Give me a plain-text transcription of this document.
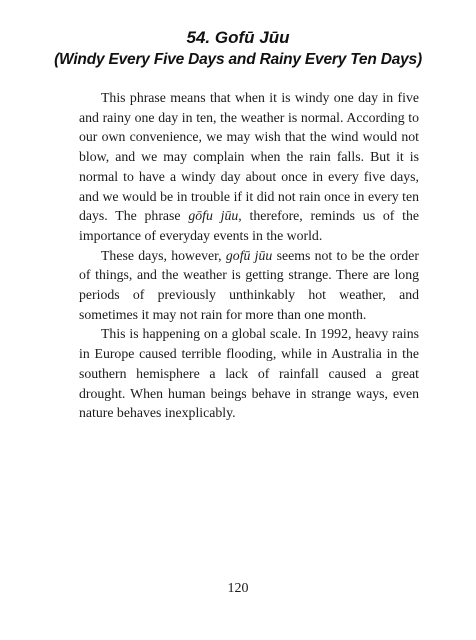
54. Gofū Jūu
(Windy Every Five Days and Rainy Every Ten Days)

This phrase means that when it is windy one day in five and rainy one day in ten, the weather is normal. According to our own convenience, we may wish that the wind would not blow, and we may complain when the rain falls. But it is normal to have a windy day about once in every five days, and we would be in trouble if it did not rain once in every ten days. The phrase gōfu jūu, therefore, reminds us of the importance of everyday events in the world.

These days, however, gofū jūu seems not to be the order of things, and the weather is getting strange. There are long periods of previously unthinkably hot weather, and sometimes it may not rain for more than one month.

This is happening on a global scale. In 1992, heavy rains in Europe caused terrible flooding, while in Australia in the southern hemisphere a lack of rainfall caused a great drought. When human beings behave in strange ways, even nature behaves inexplicably.

120
